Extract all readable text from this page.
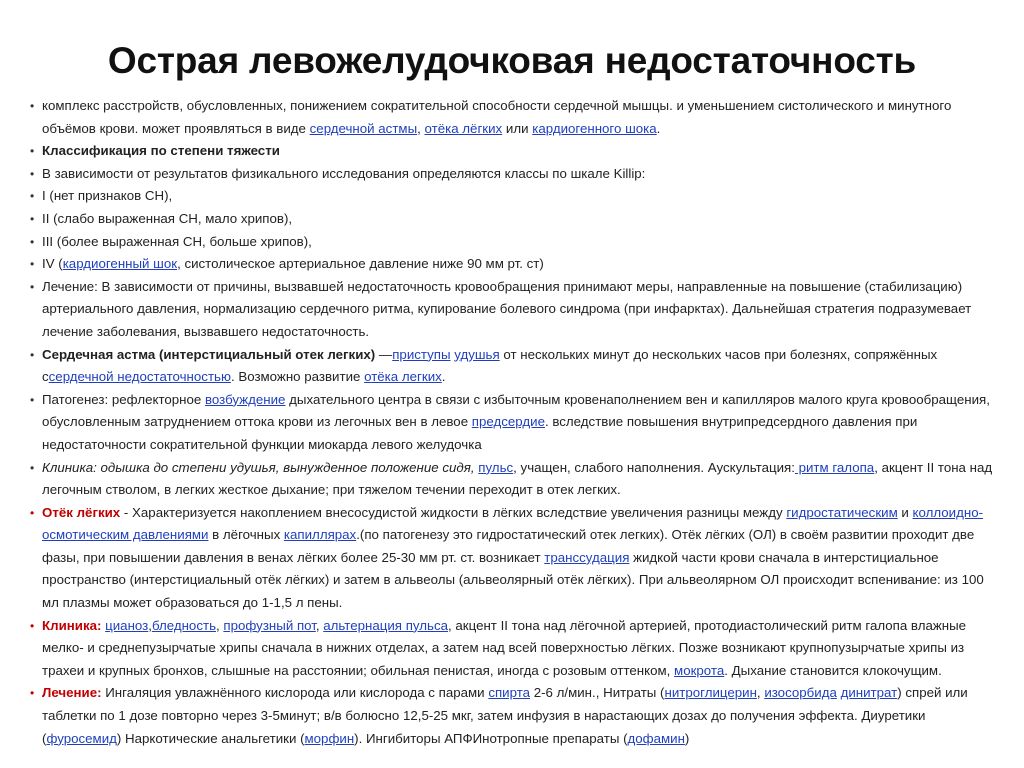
Острая левожелудочковая недостаточность
• комплекс расстройств, обусловленных, понижением сократительной способности сердечной мышцы. и уменьшением систолического и минутного объёмов крови. может проявляться в виде сердечной астмы, отёка лёгких или кардиогенного шока.
• Классификация по степени тяжести
• В зависимости от результатов физикального исследования определяются классы по шкале Killip:
• I (нет признаков СН),
• II (слабо выраженная СН, мало хрипов),
• III (более выраженная СН, больше хрипов),
• IV (кардиогенный шок, систолическое артериальное давление ниже 90 мм рт. ст)
• Лечение: В зависимости от причины, вызвавшей недостаточность кровообращения принимают меры, направленные на повышение (стабилизацию) артериального давления, нормализацию сердечного ритма, купирование болевого синдрома (при инфарктах). Дальнейшая стратегия подразумевает лечение заболевания, вызвавшего недостаточность.
• Сердечная астма (интерстициальный отек легких) —приступы удушья от нескольких минут до нескольких часов при болезнях, сопряжённых ссердечной недостаточностью. Возможно развитие отёка легких.
• Патогенез: рефлекторное возбуждение дыхательного центра в связи с избыточным кровенаполнением вен и капилляров малого круга кровообращения, обусловленным затруднением оттока крови из легочных вен в левое предсердие. вследствие повышения внутрипредсердного давления при недостаточности сократительной функции миокарда левого желудочка
• Клиника: одышка до степени удушья, вынужденное положение сидя, пульс, учащен, слабого наполнения. Аускультация: ритм галопа, акцент II тона над легочным стволом, в легких жесткое дыхание; при тяжелом течении переходит в отек легких.
• Отёк лёгких - Характеризуется накоплением внесосудистой жидкости в лёгких вследствие увеличения разницы между гидростатическим и коллоидно-осмотическим давлениями в лёгочных капиллярах.(по патогенезу это гидростатический отек легких). Отёк лёгких (ОЛ) в своём развитии проходит две фазы, при повышении давления в венах лёгких более 25-30 мм рт. ст. возникает транссудация жидкой части крови сначала в интерстициальное пространство (интерстициальный отёк лёгких) и затем в альвеолы (альвеолярный отёк лёгких). При альвеолярном ОЛ происходит вспенивание: из 100 мл плазмы может образоваться до 1-1,5 л пены.
• Клиника: цианоз,бледность, профузный пот, альтернация пульса, акцент II тона над лёгочной артерией, протодиастолический ритм галопа влажные мелко- и среднепузырчатые хрипы сначала в нижних отделах, а затем над всей поверхностью лёгких. Позже возникают крупнопузырчатые хрипы из трахеи и крупных бронхов, слышные на расстоянии; обильная пенистая, иногда с розовым оттенком, мокрота. Дыхание становится клокочущим.
• Лечение: Ингаляция увлажнённого кислорода или кислорода с парами спирта 2-6 л/мин., Нитраты (нитроглицерин, изосорбида динитрат) спрей или таблетки по 1 дозе повторно через 3-5минут; в/в болюсно 12,5-25 мкг, затем инфузия в нарастающих дозах до получения эффекта. Диуретики (фуросемид) Наркотические анальгетики (морфин). Ингибиторы АПФИнотропные препараты (дофамин)
